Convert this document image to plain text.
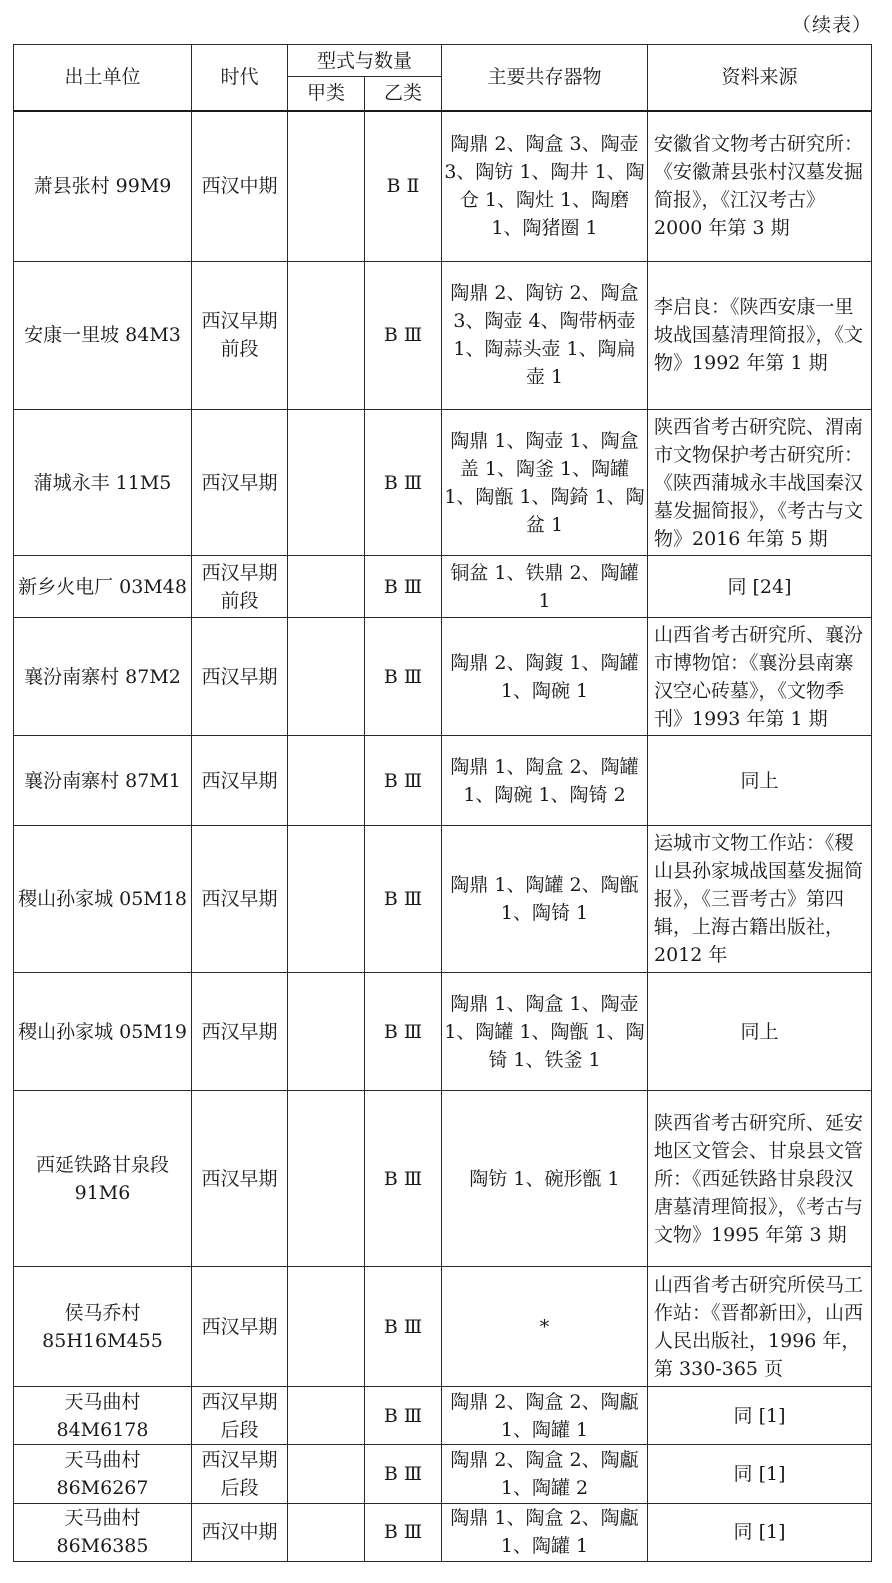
（续表）
出土单位	时代	型式与数量		主要共存器物	资料来源
		甲类	乙类		
萧县张村 99M9	西汉中期		B Ⅱ	陶鼎 2、陶盒 3、陶壶 3、陶钫 1、陶井 1、陶仓 1、陶灶 1、陶磨 1、陶猪圈 1	安徽省文物考古研究所：《安徽萧县张村汉墓发掘简报》，《江汉考古》2000 年第 3 期
安康一里坡 84M3	西汉早期前段		B Ⅲ	陶鼎 2、陶钫 2、陶盒 3、陶壶 4、陶带柄壶 1、陶蒜头壶 1、陶扁壶 1	李启良：《陕西安康一里坡战国墓清理简报》，《文物》1992 年第 1 期
蒲城永丰 11M5	西汉早期		B Ⅲ	陶鼎 1、陶壶 1、陶盒盖 1、陶釜 1、陶罐 1、陶甑 1、陶錡 1、陶盆 1	陕西省考古研究院、渭南市文物保护考古研究所：《陕西蒲城永丰战国秦汉墓发掘简报》，《考古与文物》2016 年第 5 期
新乡火电厂 03M48	西汉早期前段		B Ⅲ	铜盆 1、铁鼎 2、陶罐 1	同 [24]
襄汾南寨村 87M2	西汉早期		B Ⅲ	陶鼎 2、陶鍑 1、陶罐 1、陶碗 1	山西省考古研究所、襄汾市博物馆：《襄汾县南寨汉空心砖墓》，《文物季刊》1993 年第 1 期
襄汾南寨村 87M1	西汉早期		B Ⅲ	陶鼎 1、陶盒 2、陶罐 1、陶碗 1、陶锜 2	同上
稷山孙家城 05M18	西汉早期		B Ⅲ	陶鼎 1、陶罐 2、陶甑 1、陶锜 1	运城市文物工作站：《稷山县孙家城战国墓发掘简报》，《三晋考古》第四辑，上海古籍出版社，2012 年
稷山孙家城 05M19	西汉早期		B Ⅲ	陶鼎 1、陶盒 1、陶壶 1、陶罐 1、陶甑 1、陶锜 1、铁釜 1	同上
西延铁路甘泉段 91M6	西汉早期		B Ⅲ	陶钫 1、碗形甑 1	陕西省考古研究所、延安地区文管会、甘泉县文管所：《西延铁路甘泉段汉唐墓清理简报》，《考古与文物》1995 年第 3 期
侯马乔村 85H16M455	西汉早期		B Ⅲ	*	山西省考古研究所侯马工作站：《晋都新田》，山西人民出版社，1996 年，第 330-365 页
天马曲村 84M6178	西汉早期后段		B Ⅲ	陶鼎 2、陶盒 2、陶甗 1、陶罐 1	同 [1]
天马曲村 86M6267	西汉早期后段		B Ⅲ	陶鼎 2、陶盒 2、陶甗 1、陶罐 2	同 [1]
天马曲村 86M6385	西汉中期		B Ⅲ	陶鼎 1、陶盒 2、陶甗 1、陶罐 1	同 [1]
